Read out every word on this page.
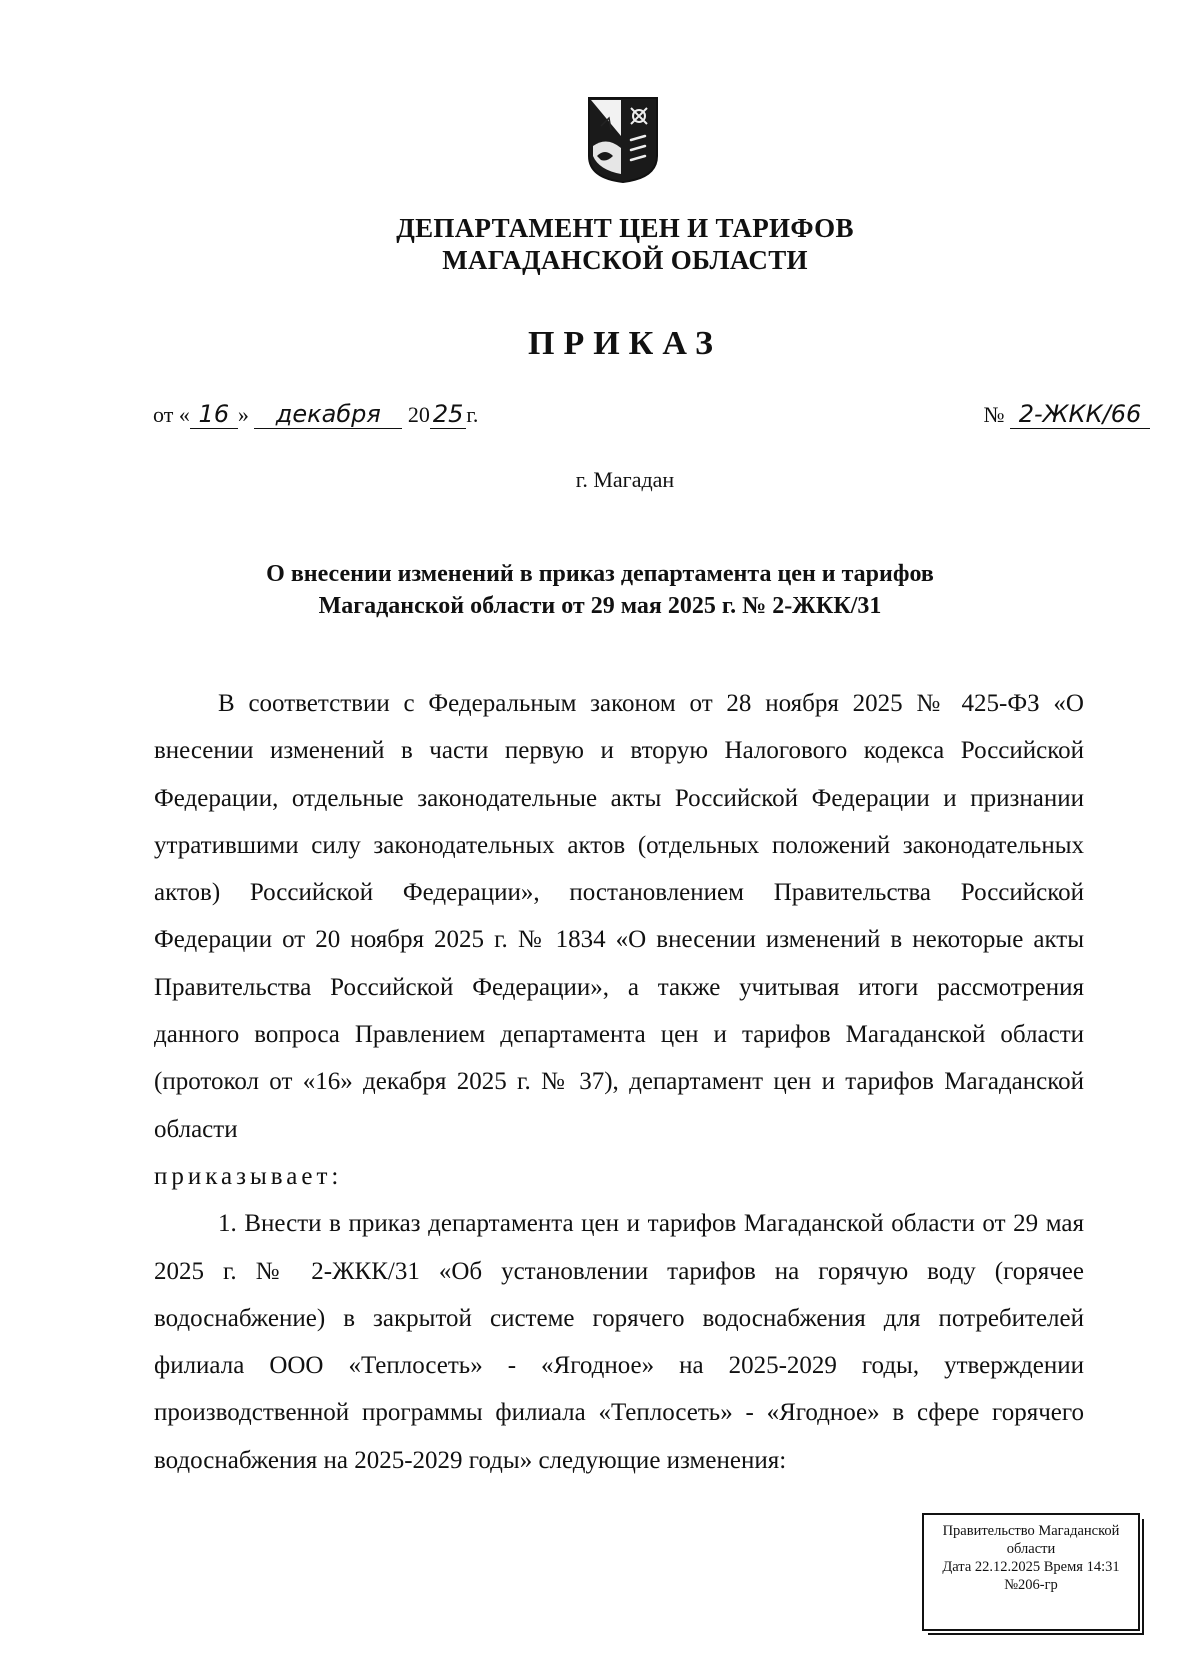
ДЕПАРТАМЕНТ ЦЕН И ТАРИФОВ
МАГАДАНСКОЙ ОБЛАСТИ
ПРИКАЗ
от « 16 » декабря 20 25 г.	№ 2-ЖКК/66
г. Магадан
О внесении изменений в приказ департамента цен и тарифов
Магаданской области от 29 мая 2025 г. № 2-ЖКК/31

В соответствии с Федеральным законом от 28 ноября 2025 № 425-ФЗ «О внесении изменений в части первую и вторую Налогового кодекса Российской Федерации, отдельные законодательные акты Российской Федерации и признании утратившими силу законодательных актов (отдельных положений законодательных актов) Российской Федерации», постановлением Правительства Российской Федерации от 20 ноября 2025 г. № 1834 «О внесении изменений в некоторые акты Правительства Российской Федерации», а также учитывая итоги рассмотрения данного вопроса Правлением департамента цен и тарифов Магаданской области (протокол от «16» декабря 2025 г. № 37), департамент цен и тарифов Магаданской области

приказывает:

1. Внести в приказ департамента цен и тарифов Магаданской области от 29 мая 2025 г. № 2-ЖКК/31 «Об установлении тарифов на горячую воду (горячее водоснабжение) в закрытой системе горячего водоснабжения для потребителей филиала ООО «Теплосеть» - «Ягодное» на 2025-2029 годы, утверждении производственной программы филиала «Теплосеть» - «Ягодное» в сфере горячего водоснабжения на 2025-2029 годы» следующие изменения:

Правительство Магаданской
области
Дата 22.12.2025 Время 14:31
№206-гр
